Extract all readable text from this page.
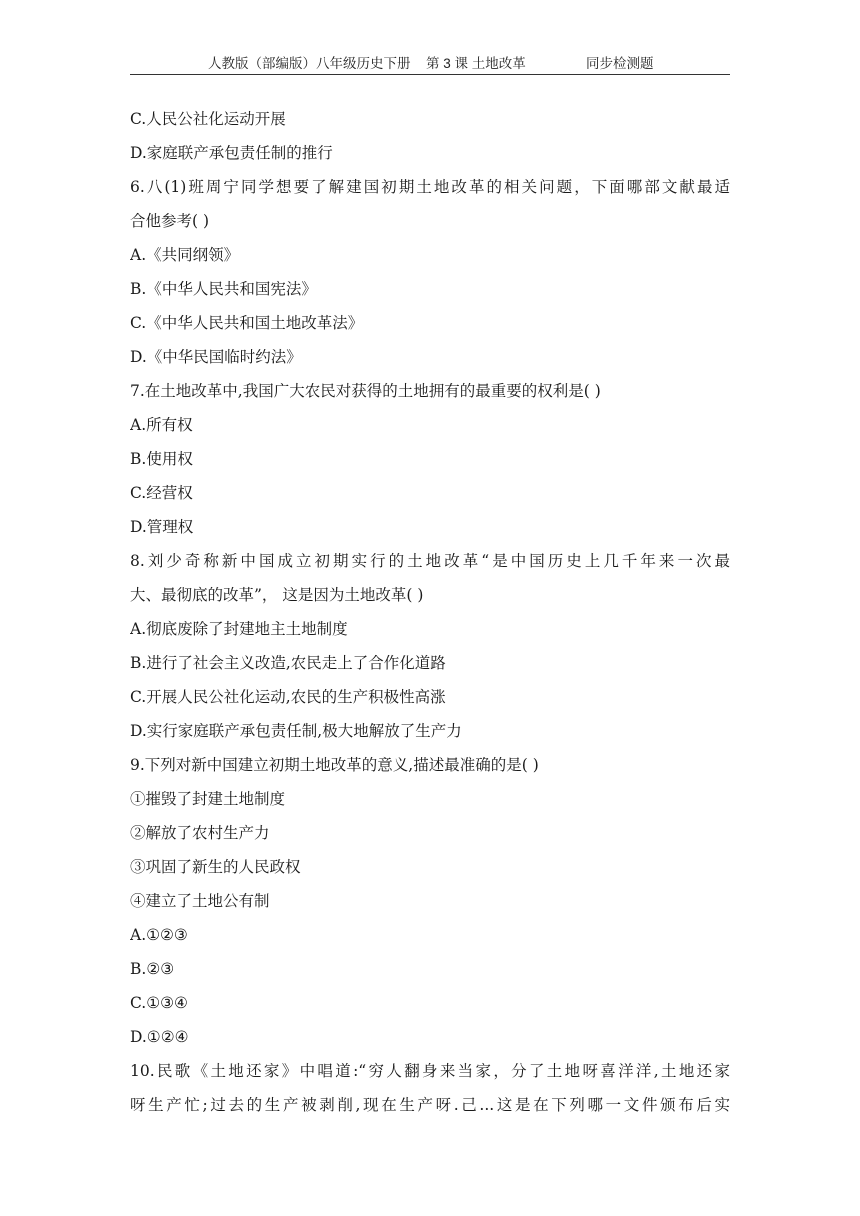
人教版（部编版）八年级历史下册 第 3 课 土地改革	同步检测题
C.人民公社化运动开展
D.家庭联产承包责任制的推行
6.八(1)班周宁同学想要了解建国初期土地改革的相关问题，下面哪部文献最适
合他参考( )
A.《共同纲领》
B.《中华人民共和国宪法》
C.《中华人民共和国土地改革法》
D.《中华民国临时约法》
7.在土地改革中,我国广大农民对获得的土地拥有的最重要的权利是( )
A.所有权
B.使用权
C.经营权
D.管理权
8.刘少奇称新中国成立初期实行的土地改革“是中国历史上几千年来一次最
大、最彻底的改革”， 这是因为土地改革( )
A.彻底废除了封建地主土地制度
B.进行了社会主义改造,农民走上了合作化道路
C.开展人民公社化运动,农民的生产积极性高涨
D.实行家庭联产承包责任制,极大地解放了生产力
9.下列对新中国建立初期土地改革的意义,描述最准确的是( )
①摧毁了封建土地制度
②解放了农村生产力
③巩固了新生的人民政权
④建立了土地公有制
A.①②③
B.②③
C.①③④
D.①②④
10.民歌《土地还家》中唱道:“穷人翻身来当家，分了土地呀喜洋洋,土地还家
呀生产忙;过去的生产被剥削,现在生产呀.己...这是在下列哪一文件颁布后实
